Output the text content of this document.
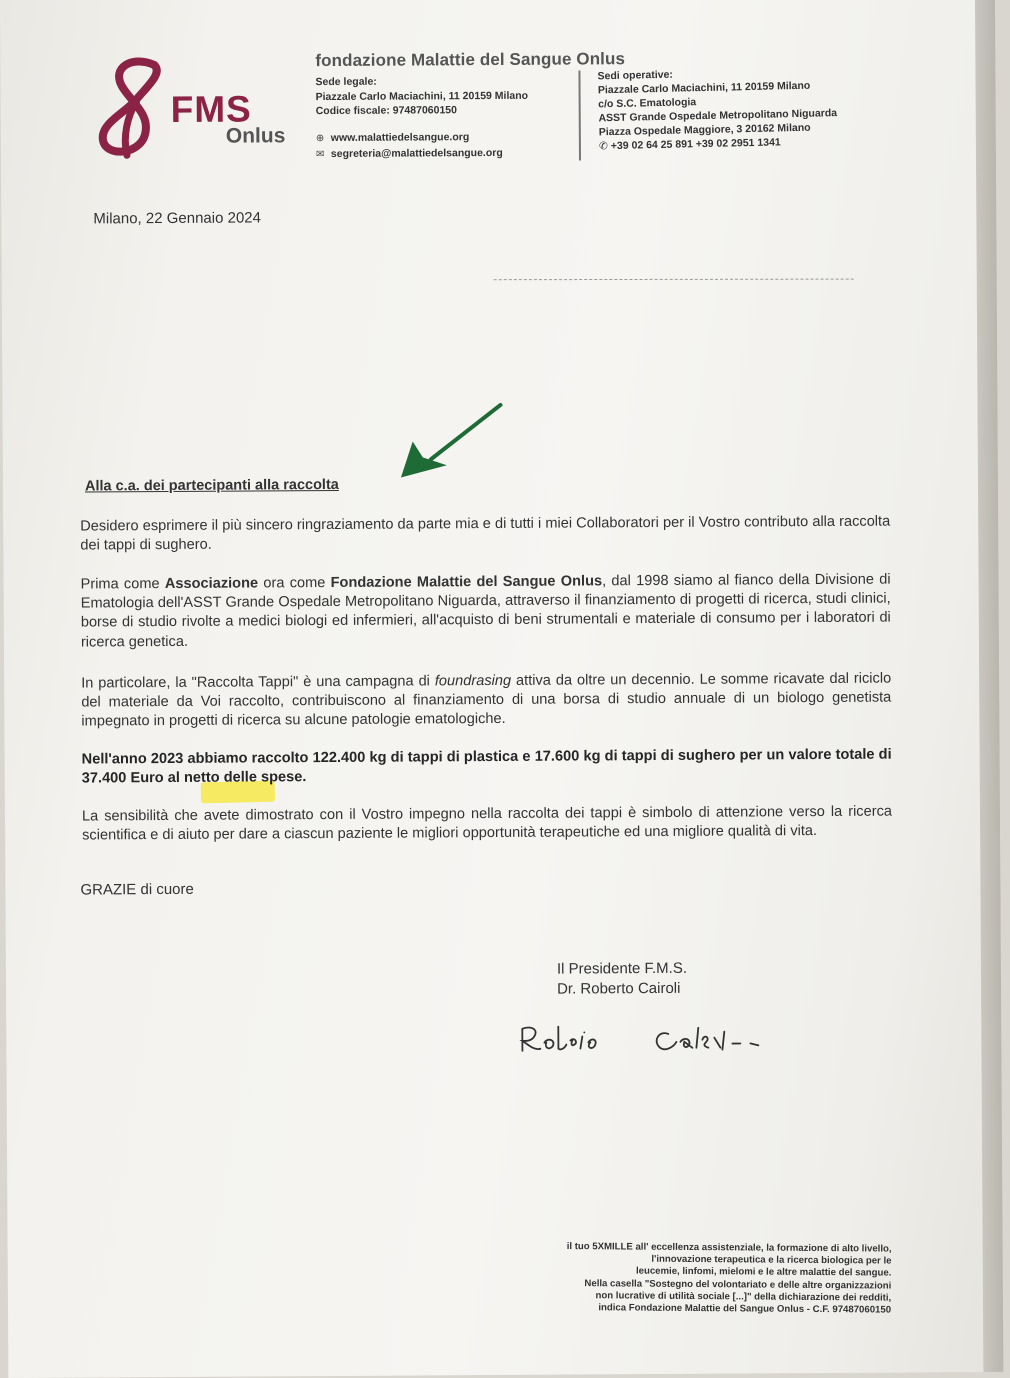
FMS
Onlus
fondazione Malattie del Sangue Onlus
Sede legale:
Piazzale Carlo Maciachini, 11 20159 Milano
Codice fiscale: 97487060150
⊕ www.malattiedelsangue.org
✉ segreteria@malattiedelsangue.org
Sedi operative:
Piazzale Carlo Maciachini, 11 20159 Milano
c/o S.C. Ematologia
ASST Grande Ospedale Metropolitano Niguarda
Piazza Ospedale Maggiore, 3 20162 Milano
✆ +39 02 64 25 891 +39 02 2951 1341
Milano, 22 Gennaio 2024
Alla c.a. dei partecipanti alla raccolta
Desidero esprimere il più sincero ringraziamento da parte mia e di tutti i miei Collaboratori per il Vostro contributo alla raccolta dei tappi di sughero.
Prima come Associazione ora come Fondazione Malattie del Sangue Onlus, dal 1998 siamo al fianco della Divisione di Ematologia dell'ASST Grande Ospedale Metropolitano Niguarda, attraverso il finanziamento di progetti di ricerca, studi clinici, borse di studio rivolte a medici biologi ed infermieri, all'acquisto di beni strumentali e materiale di consumo per i laboratori di ricerca genetica.
In particolare, la "Raccolta Tappi" è una campagna di foundrasing attiva da oltre un decennio. Le somme ricavate dal riciclo del materiale da Voi raccolto, contribuiscono al finanziamento di una borsa di studio annuale di un biologo genetista impegnato in progetti di ricerca su alcune patologie ematologiche.
Nell'anno 2023 abbiamo raccolto 122.400 kg di tappi di plastica e 17.600 kg di tappi di sughero per un valore totale di 37.400 Euro al netto delle spese.
La sensibilità che avete dimostrato con il Vostro impegno nella raccolta dei tappi è simbolo di attenzione verso la ricerca scientifica e di aiuto per dare a ciascun paziente le migliori opportunità terapeutiche ed una migliore qualità di vita.
GRAZIE di cuore
Il Presidente F.M.S.
Dr. Roberto Cairoli
il tuo 5XMILLE all' eccellenza assistenziale, la formazione di alto livello,
l'innovazione terapeutica e la ricerca biologica per le
leucemie, linfomi, mielomi e le altre malattie del sangue.
Nella casella "Sostegno del volontariato e delle altre organizzazioni
non lucrative di utilità sociale [...]" della dichiarazione dei redditi,
indica Fondazione Malattie del Sangue Onlus - C.F. 97487060150
